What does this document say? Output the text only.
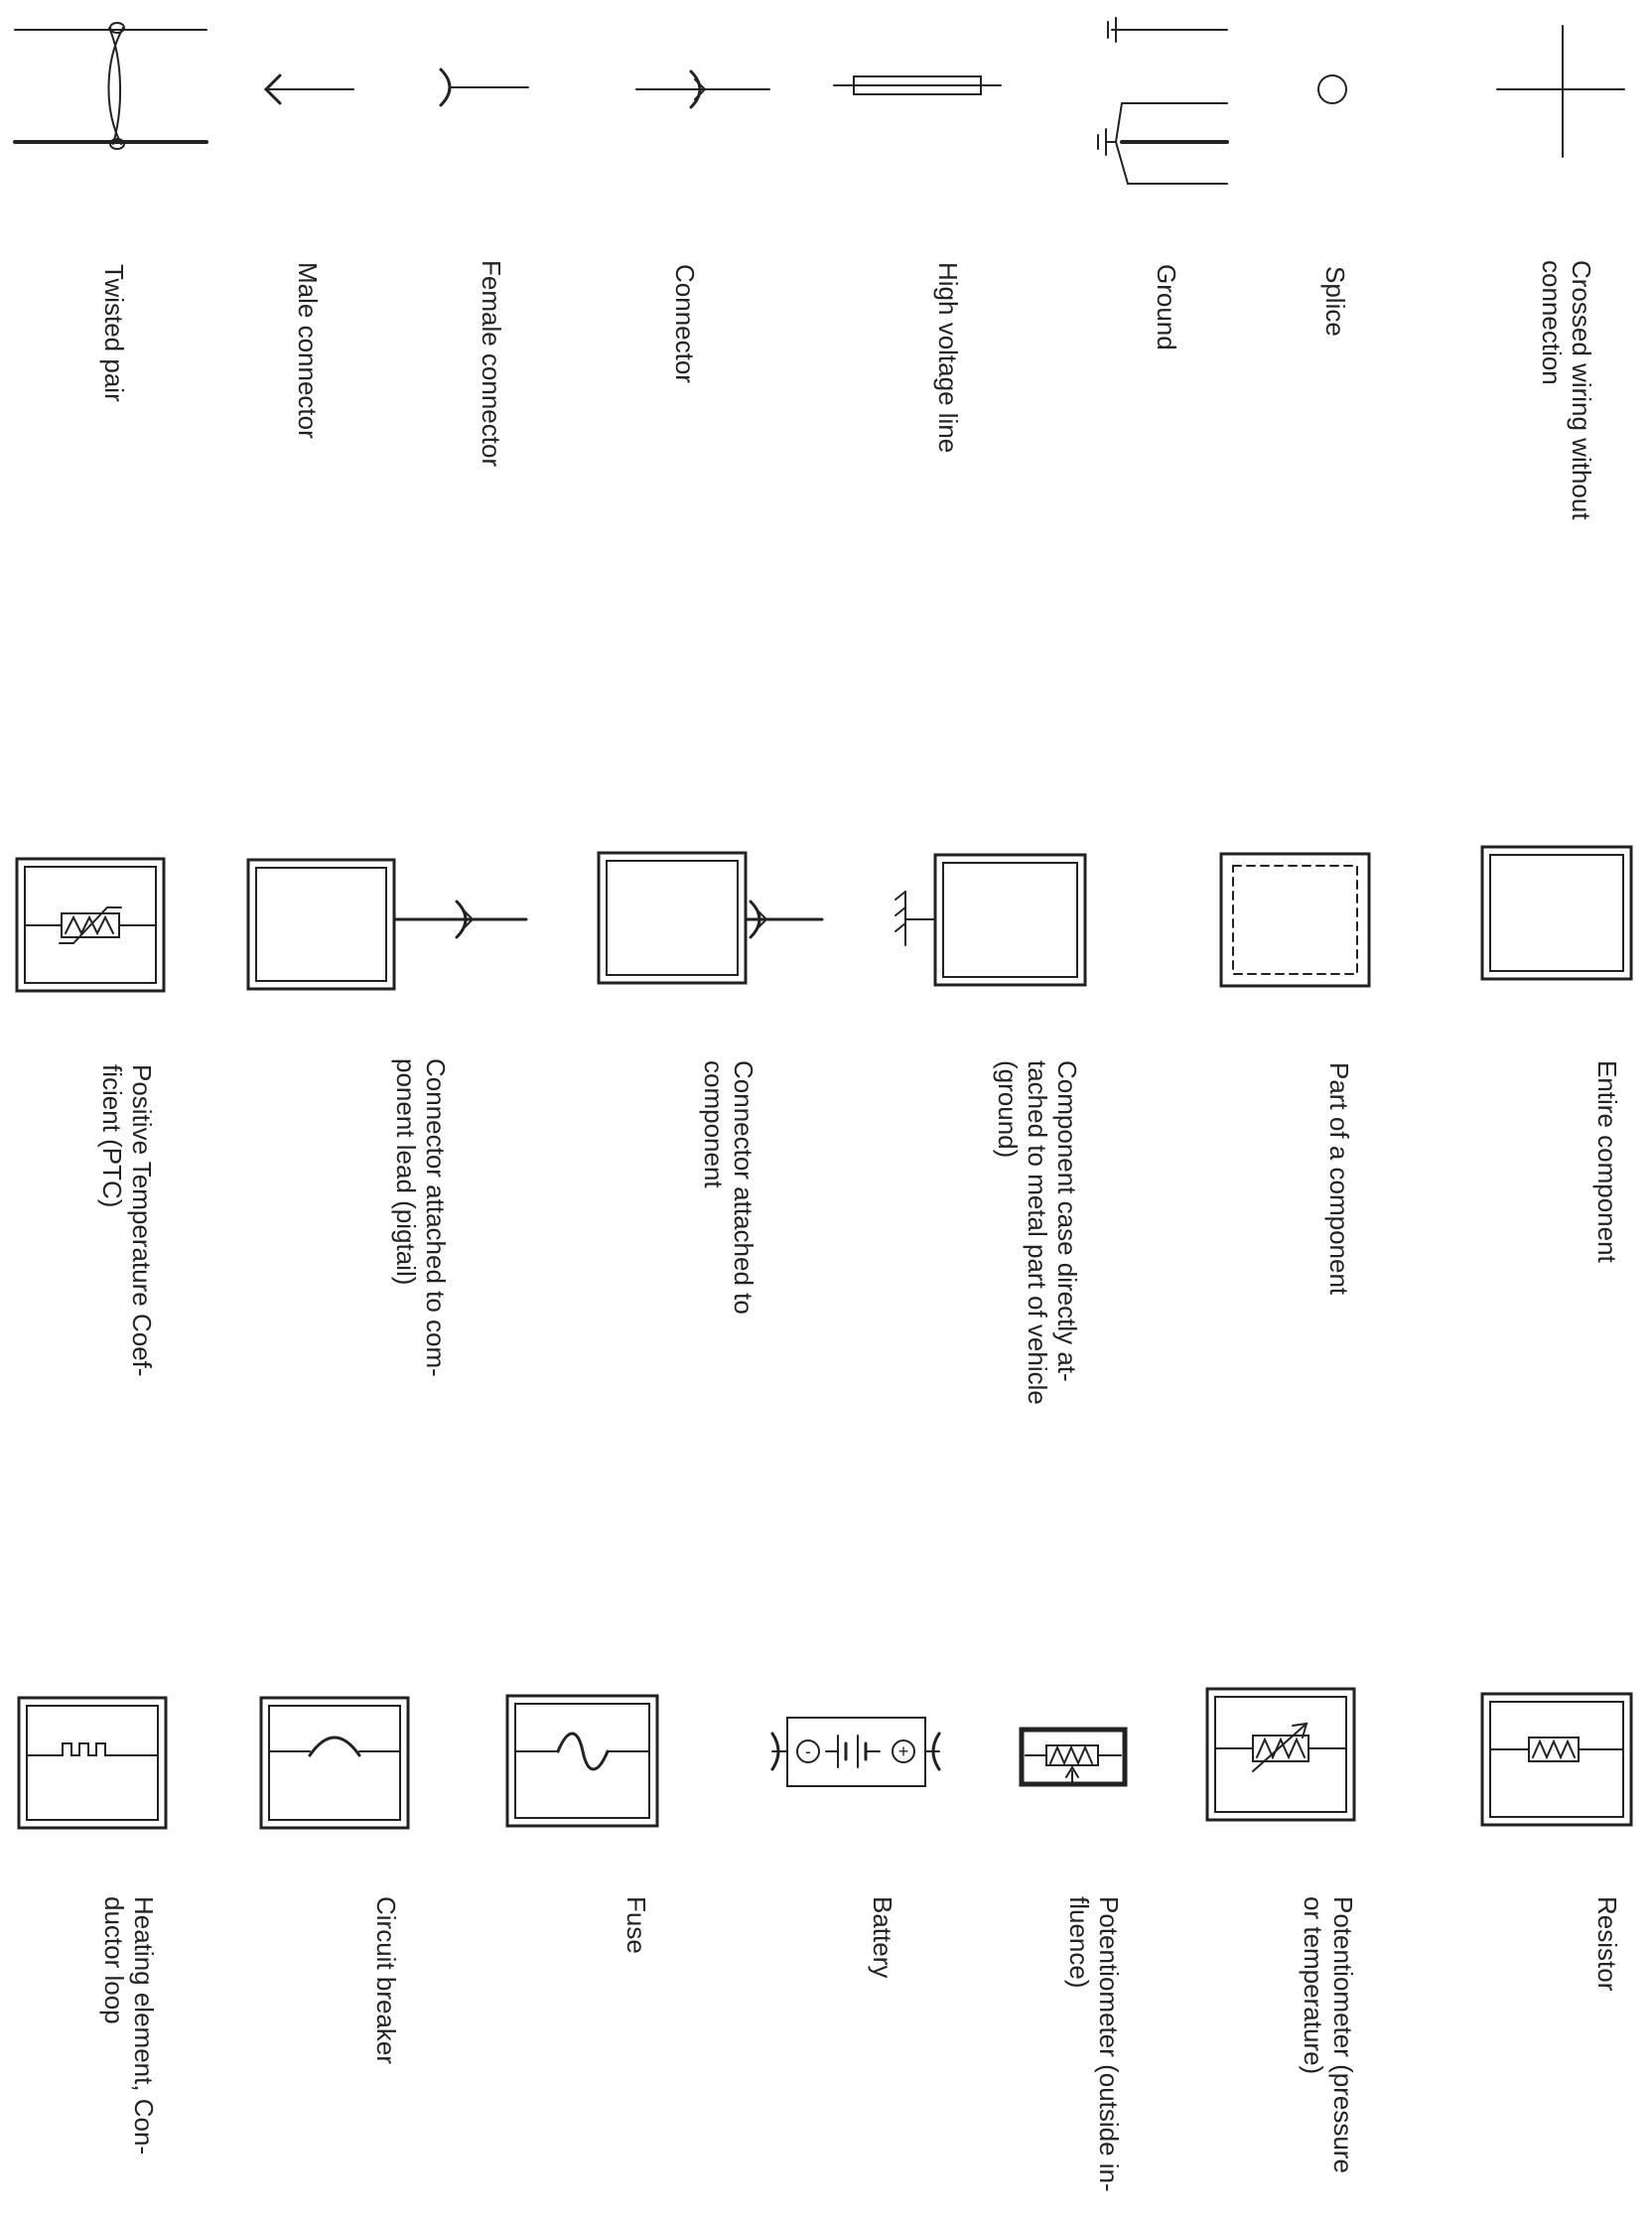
-	+
Twisted pair	Male connector	Female connector	Connector	High voltage line	Ground	Splice	Crossed wiring without
connection
Positive Temperature Coef-
ficient (PTC)	Connector attached to com-
ponent lead (pigtail)	Connector attached to
component	Component case directly at-
tached to metal part of vehicle
(ground)	Part of a component	Entire component
Heating element, Con-
ductor loop	Circuit breaker	Fuse	Battery	Potentiometer (outside in-
fluence)	Potentiometer (pressure
or temperature)	Resistor
